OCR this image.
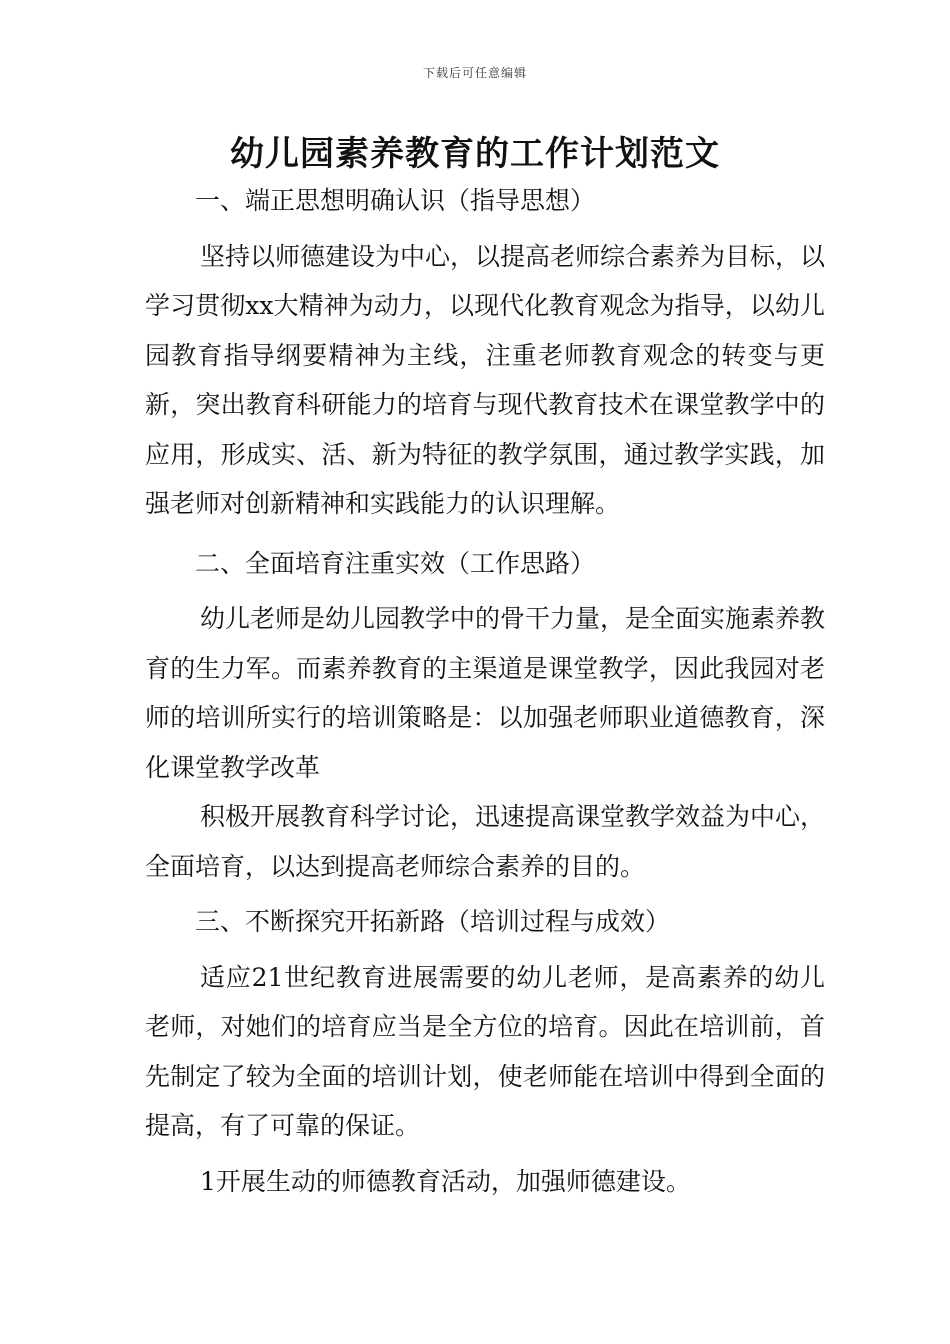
下载后可任意编辑
幼儿园素养教育的工作计划范文

一、端正思想明确认识（指导思想）

坚持以师德建设为中心，以提高老师综合素养为目标，以学习贯彻xx大精神为动力，以现代化教育观念为指导，以幼儿园教育指导纲要精神为主线，注重老师教育观念的转变与更新，突出教育科研能力的培育与现代教育技术在课堂教学中的应用，形成实、活、新为特征的教学氛围，通过教学实践，加强老师对创新精神和实践能力的认识理解。

二、全面培育注重实效（工作思路）

幼儿老师是幼儿园教学中的骨干力量，是全面实施素养教育的生力军。而素养教育的主渠道是课堂教学，因此我园对老师的培训所实行的培训策略是：以加强老师职业道德教育，深化课堂教学改革

积极开展教育科学讨论，迅速提高课堂教学效益为中心，全面培育，以达到提高老师综合素养的目的。

三、不断探究开拓新路（培训过程与成效）

适应21世纪教育进展需要的幼儿老师，是高素养的幼儿老师，对她们的培育应当是全方位的培育。因此在培训前，首先制定了较为全面的培训计划，使老师能在培训中得到全面的提高，有了可靠的保证。

1开展生动的师德教育活动，加强师德建设。
